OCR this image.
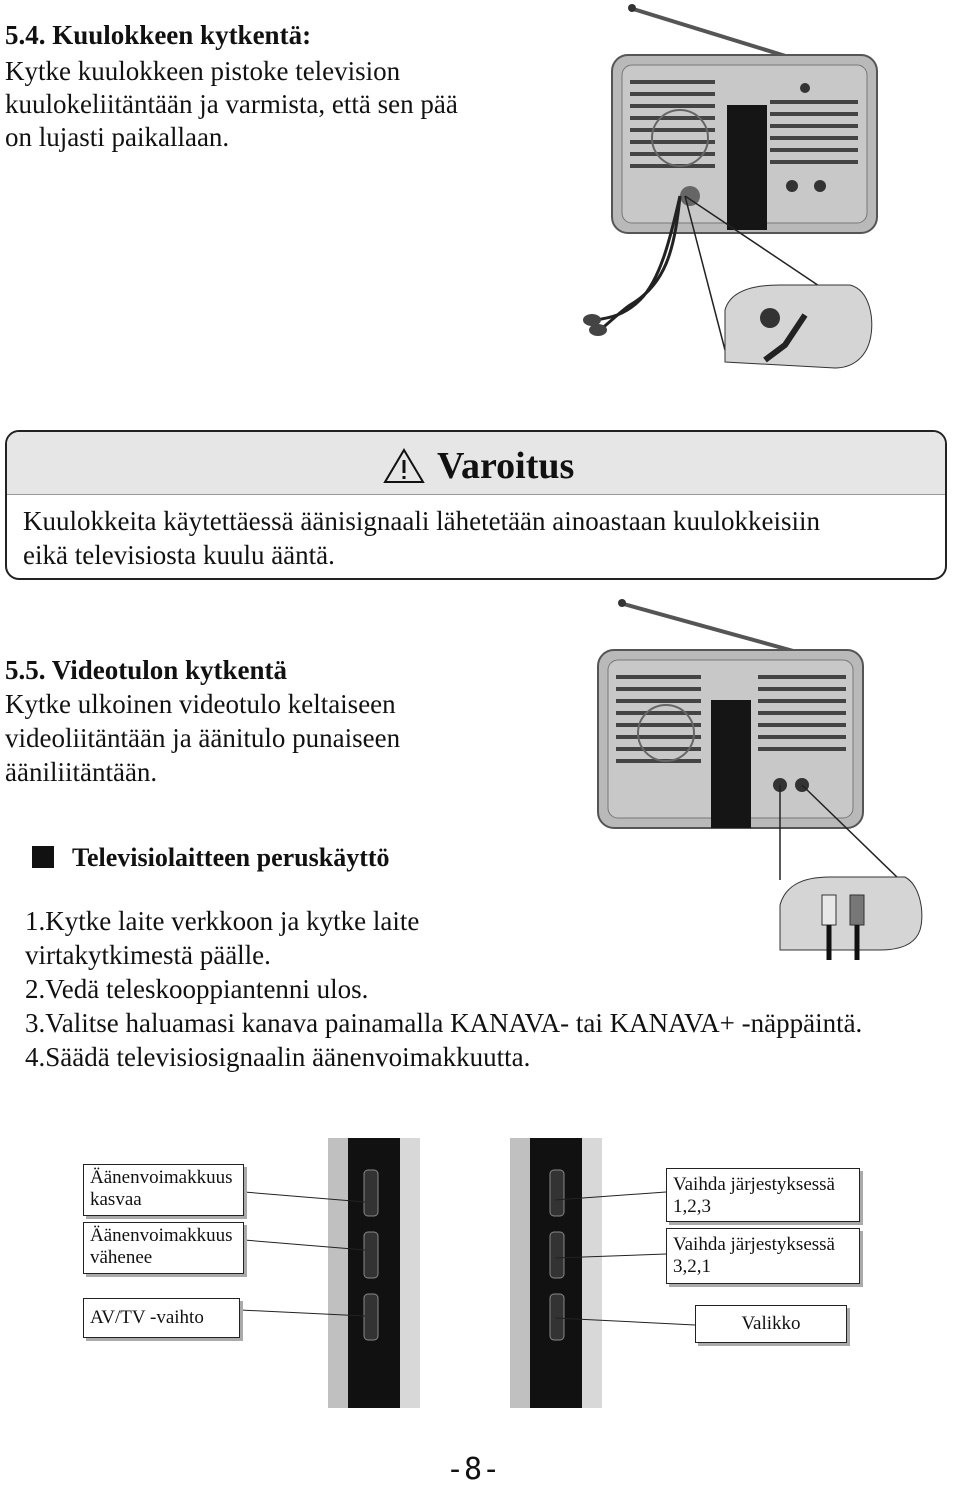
5.4. Kuulokkeen kytkentä:
Kytke kuulokkeen pistoke television
kuulokeliitäntään ja varmista, että sen pää
on lujasti paikallaan.
Varoitus
Kuulokkeita käytettäessä äänisignaali lähetetään ainoastaan kuulokkeisiin
eikä televisiosta kuulu ääntä.
5.5. Videotulon kytkentä
Kytke ulkoinen videotulo keltaiseen
videoliitäntään ja äänitulo punaiseen
ääniliitäntään.
Televisiolaitteen peruskäyttö
1.Kytke laite verkkoon ja kytke laite
virtakytkimestä päälle.
2.Vedä teleskooppiantenni ulos.
3.Valitse haluamasi kanava painamalla KANAVA- tai KANAVA+ -näppäintä.
4.Säädä televisiosignaalin äänenvoimakkuutta.
Äänenvoimakkuus
kasvaa
Äänenvoimakkuus
vähenee
AV/TV -vaihto
Vaihda järjestyksessä
1,2,3
Vaihda järjestyksessä
3,2,1
Valikko
-8-
